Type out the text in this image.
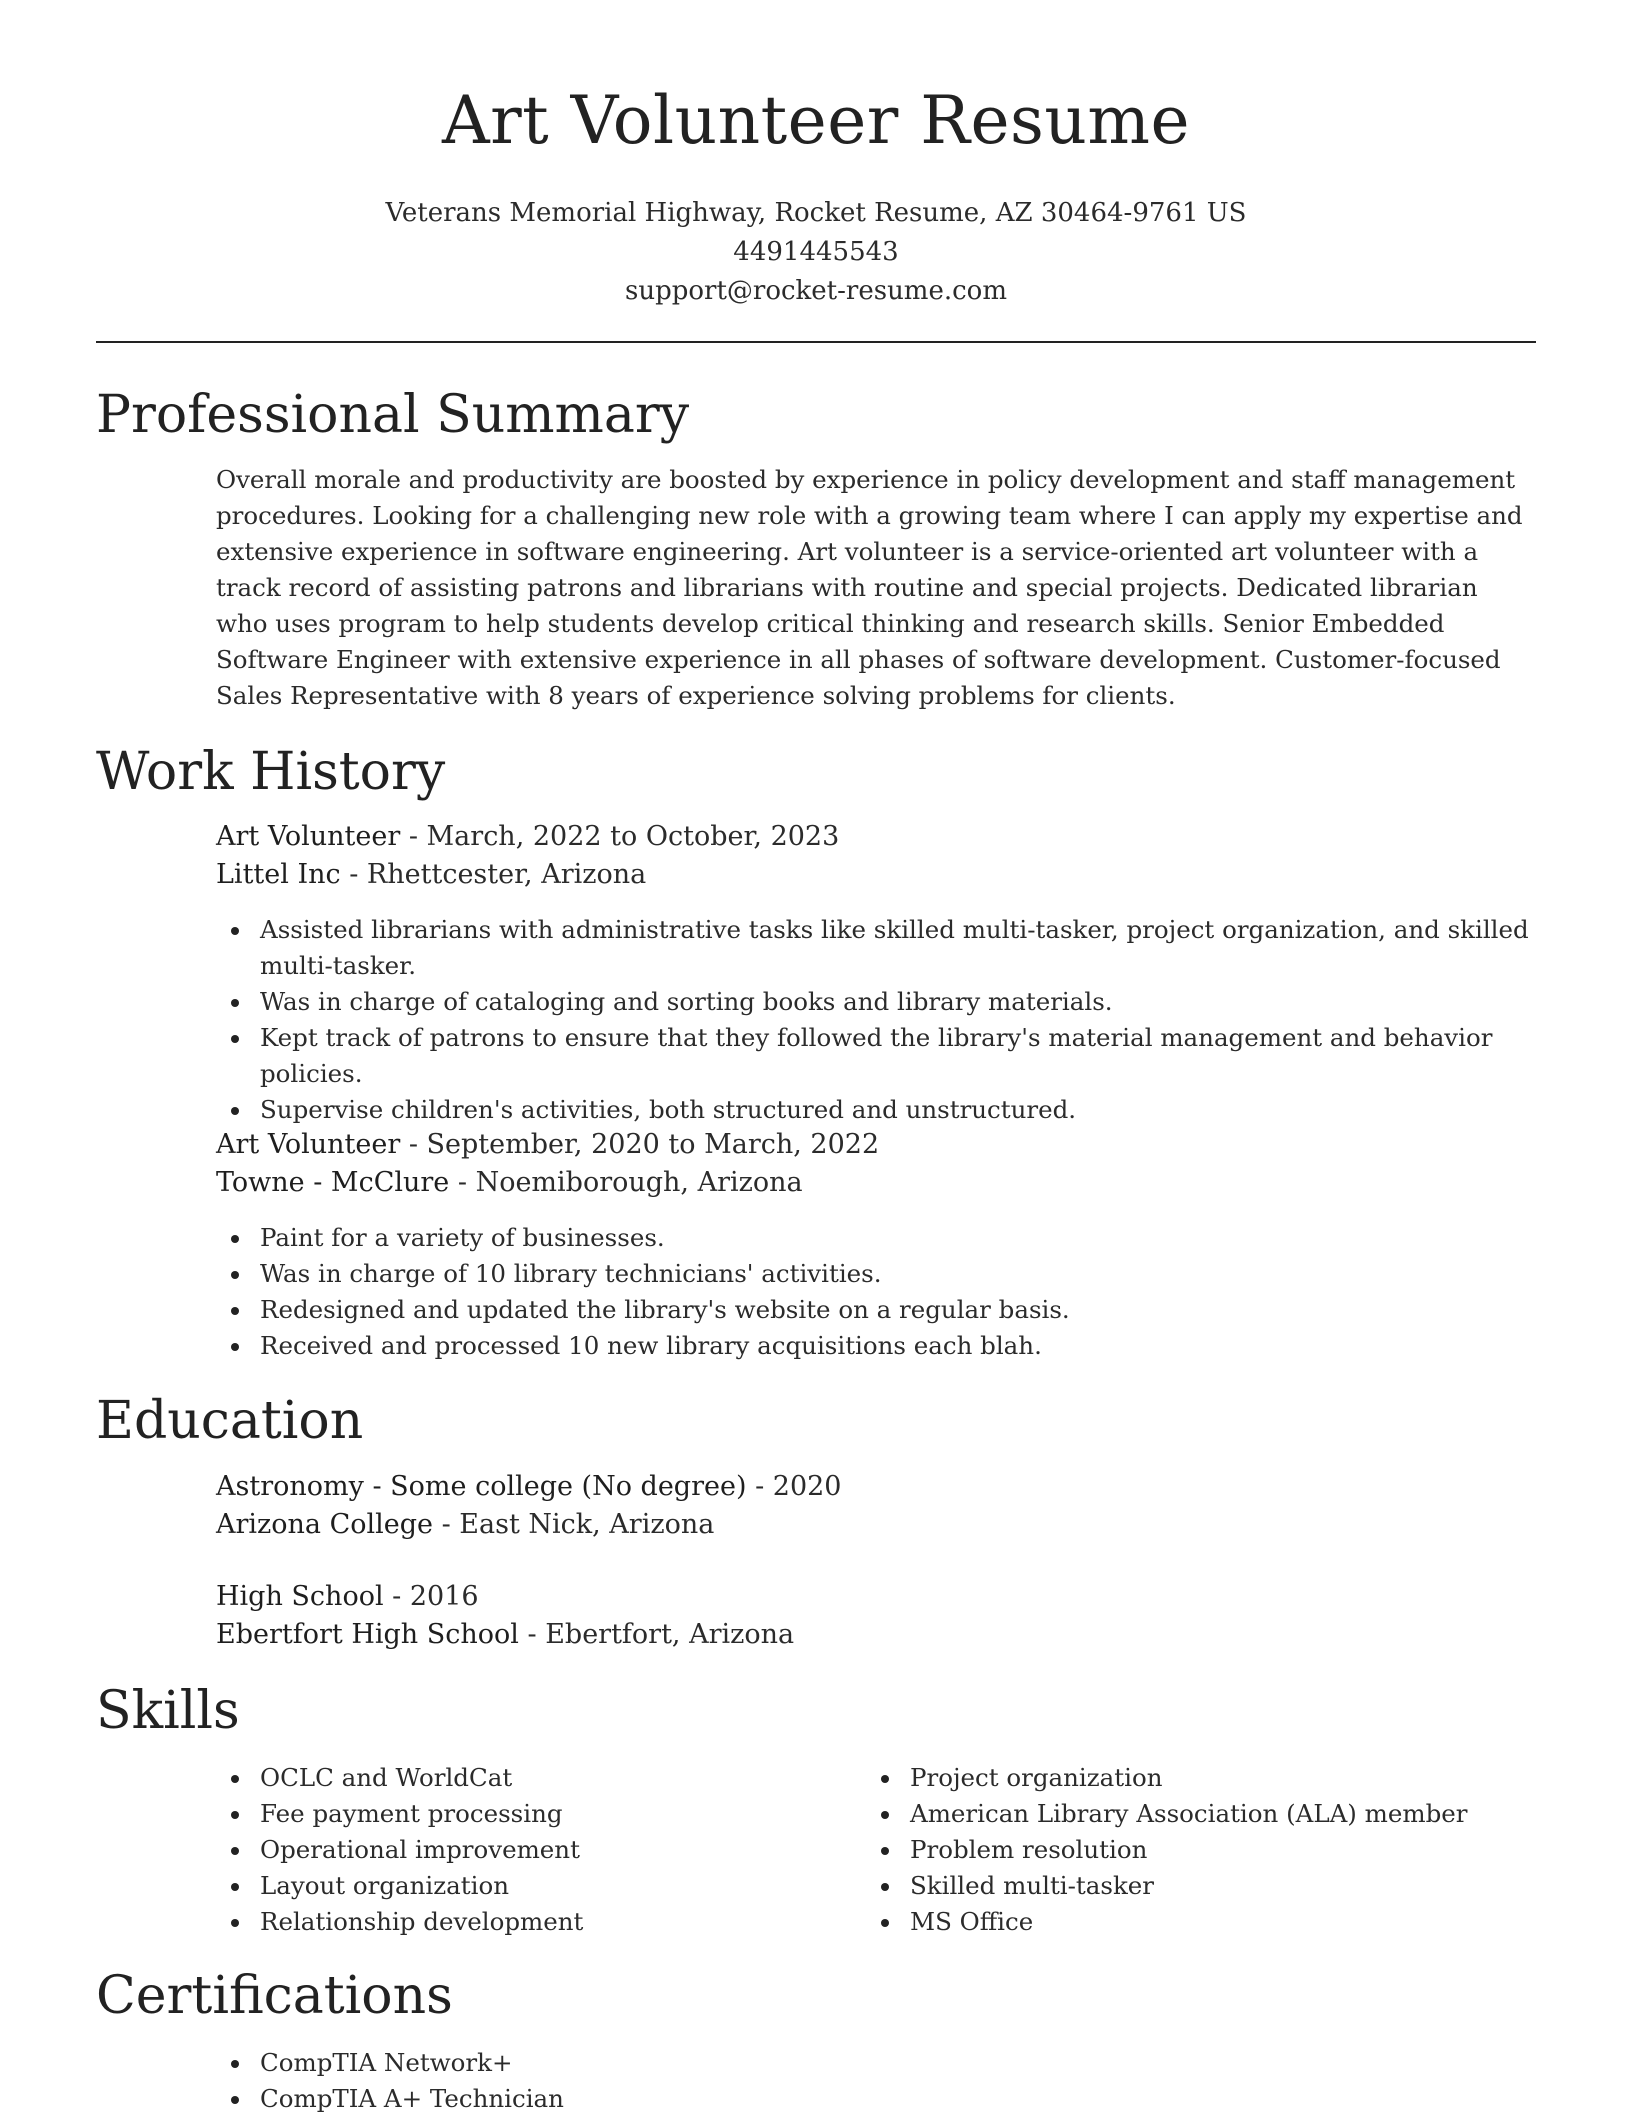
Art Volunteer Resume
Veterans Memorial Highway, Rocket Resume, AZ 30464-9761 US
4491445543
support@rocket-resume.com
Professional Summary

Overall morale and productivity are boosted by experience in policy development and staff management procedures. Looking for a challenging new role with a growing team where I can apply my expertise and extensive experience in software engineering. Art volunteer is a service-oriented art volunteer with a track record of assisting patrons and librarians with routine and special projects. Dedicated librarian who uses program to help students develop critical thinking and research skills. Senior Embedded Software Engineer with extensive experience in all phases of software development. Customer-focused Sales Representative with 8 years of experience solving problems for clients.

Work History
Art Volunteer - March, 2022 to October, 2023
Littel Inc - Rhettcester, Arizona
Assisted librarians with administrative tasks like skilled multi-tasker, project organization, and skilled multi-tasker.
Was in charge of cataloging and sorting books and library materials.
Kept track of patrons to ensure that they followed the library's material management and behavior policies.
Supervise children's activities, both structured and unstructured.
Art Volunteer - September, 2020 to March, 2022
Towne - McClure - Noemiborough, Arizona
Paint for a variety of businesses.
Was in charge of 10 library technicians' activities.
Redesigned and updated the library's website on a regular basis.
Received and processed 10 new library acquisitions each blah.
Education
Astronomy - Some college (No degree) - 2020
Arizona College - East Nick, Arizona
High School - 2016
Ebertfort High School - Ebertfort, Arizona
Skills
OCLC and WorldCat
Fee payment processing
Operational improvement
Layout organization
Relationship development
Project organization
American Library Association (ALA) member
Problem resolution
Skilled multi-tasker
MS Office
Certifications
CompTIA Network+
CompTIA A+ Technician
